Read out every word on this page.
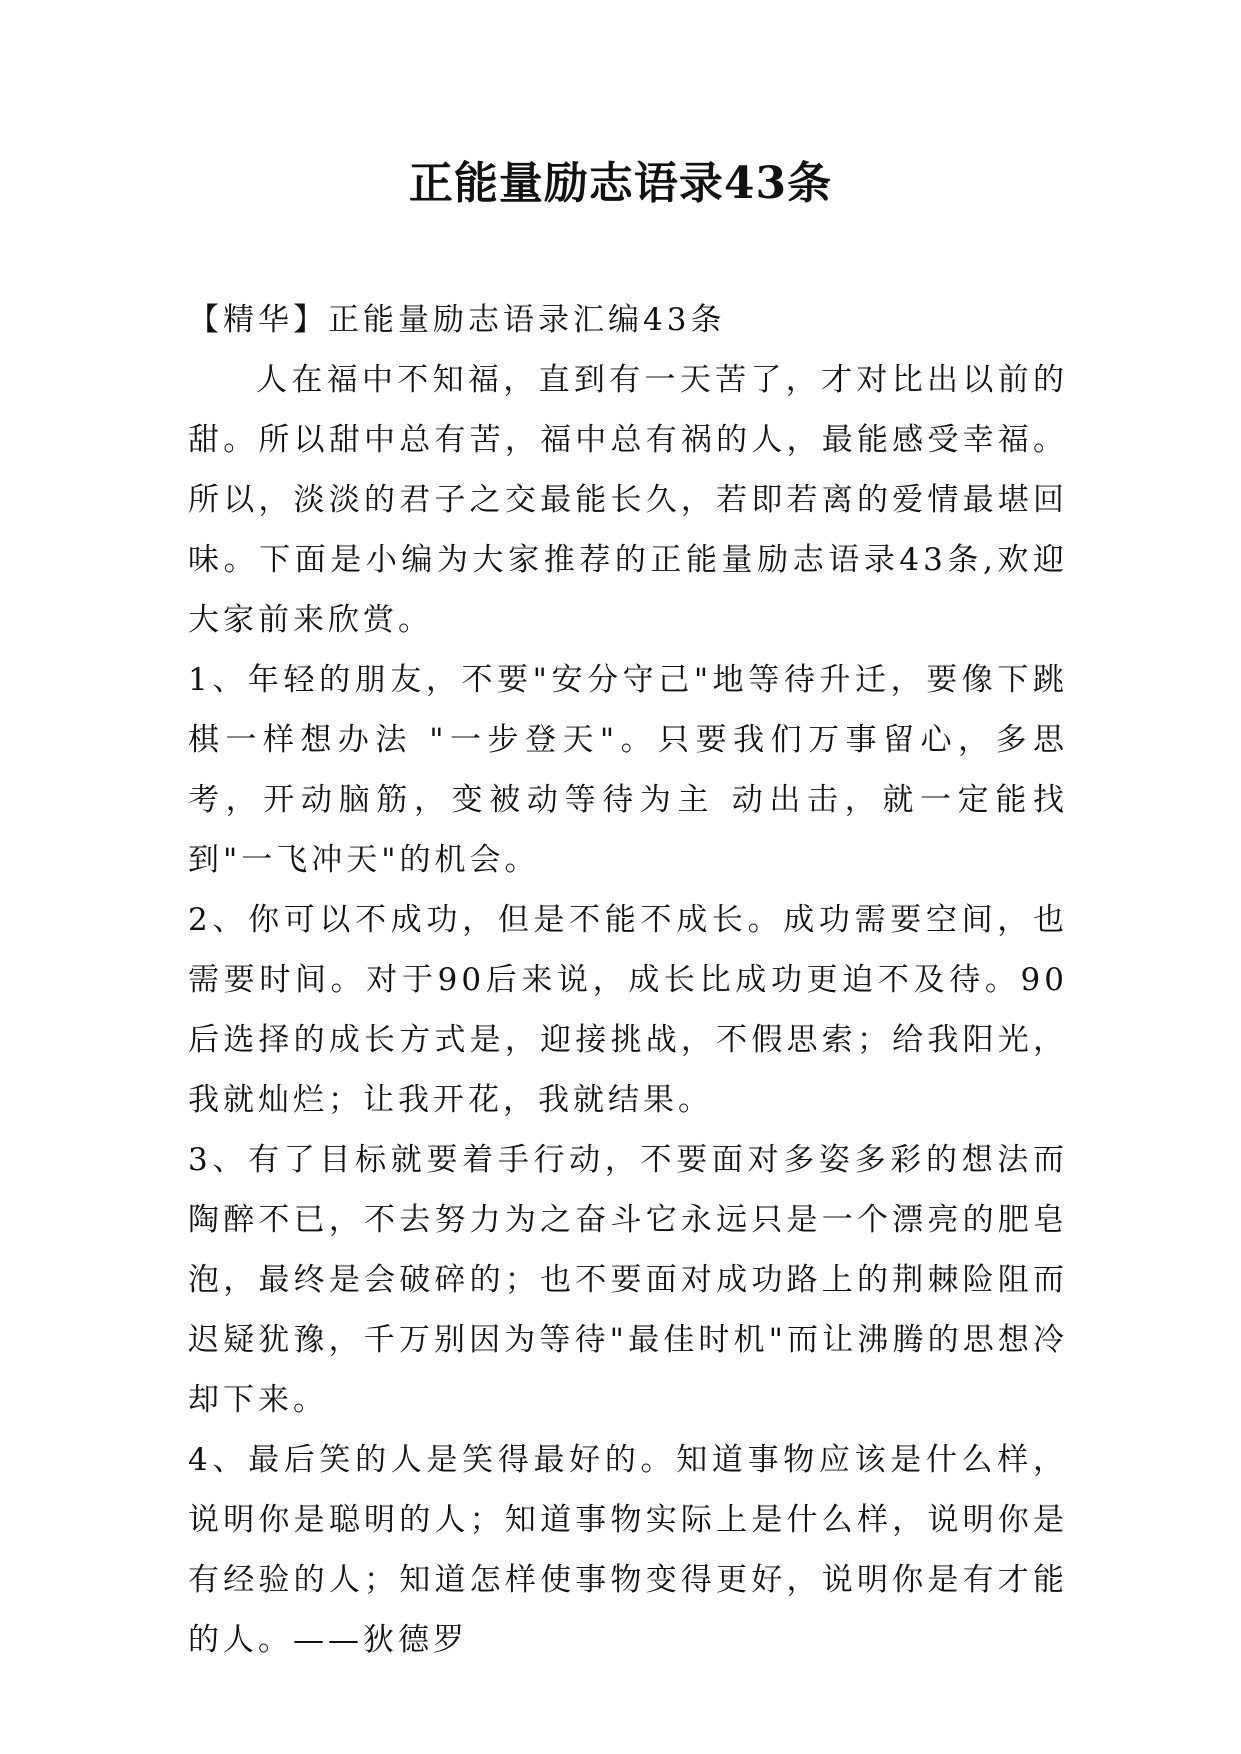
正能量励志语录43条

【精华】正能量励志语录汇编43条

人在福中不知福，直到有一天苦了，才对比出以前的甜。所以甜中总有苦，福中总有祸的人，最能感受幸福。所以，淡淡的君子之交最能长久，若即若离的爱情最堪回味。下面是小编为大家推荐的正能量励志语录43条,欢迎大家前来欣赏。

1、年轻的朋友，不要"安分守己"地等待升迁，要像下跳棋一样想办法 "一步登天"。只要我们万事留心，多思考，开动脑筋，变被动等待为主 动出击，就一定能找到"一飞冲天"的机会。

2、你可以不成功，但是不能不成长。成功需要空间，也需要时间。对于90后来说，成长比成功更迫不及待。90后选择的成长方式是，迎接挑战，不假思索；给我阳光，我就灿烂；让我开花，我就结果。

3、有了目标就要着手行动，不要面对多姿多彩的想法而陶醉不已，不去努力为之奋斗它永远只是一个漂亮的肥皂泡，最终是会破碎的；也不要面对成功路上的荆棘险阻而迟疑犹豫，千万别因为等待"最佳时机"而让沸腾的思想冷却下来。

4、最后笑的人是笑得最好的。知道事物应该是什么样，说明你是聪明的人；知道事物实际上是什么样，说明你是有经验的人；知道怎样使事物变得更好，说明你是有才能的人。——狄德罗
